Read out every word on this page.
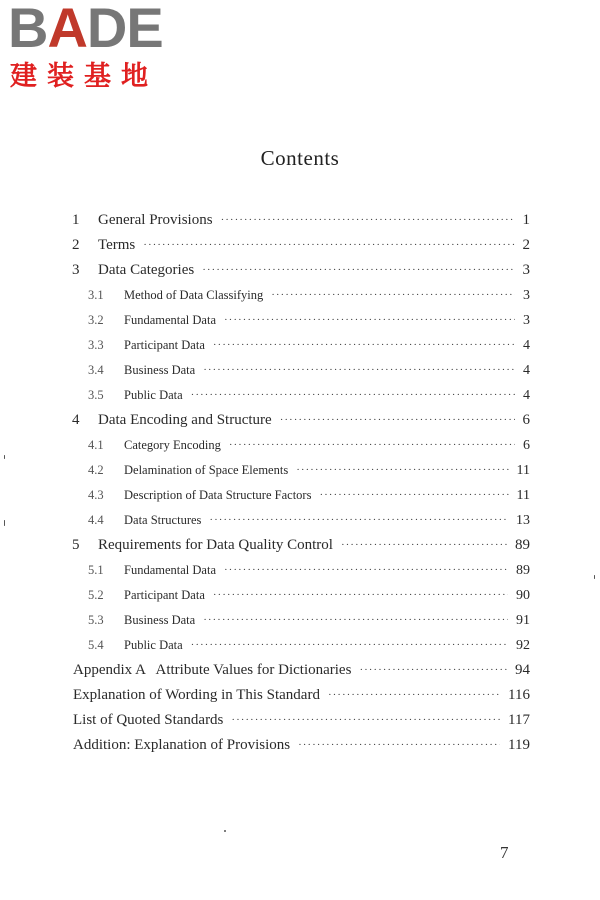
BADE
建装基地
Contents
1 General Provisions ·····	1
2 Terms ·····	2
3 Data Categories ·····	3
3.1 Method of Data Classifying ·····	3
3.2 Fundamental Data ·····	3
3.3 Participant Data ·····	4
3.4 Business Data ·····	4
3.5 Public Data ·····	4
4 Data Encoding and Structure ·····	6
4.1 Category Encoding ·····	6
4.2 Delamination of Space Elements ·····	11
4.3 Description of Data Structure Factors ·····	11
4.4 Data Structures ·····	13
5 Requirements for Data Quality Control ·····	89
5.1 Fundamental Data ·····	89
5.2 Participant Data ·····	90
5.3 Business Data ·····	91
5.4 Public Data ·····	92
Appendix A   Attribute Values for Dictionaries ·····	94
Explanation of Wording in This Standard ·····	116
List of Quoted Standards ·····	117
Addition: Explanation of Provisions ·····	119
7
